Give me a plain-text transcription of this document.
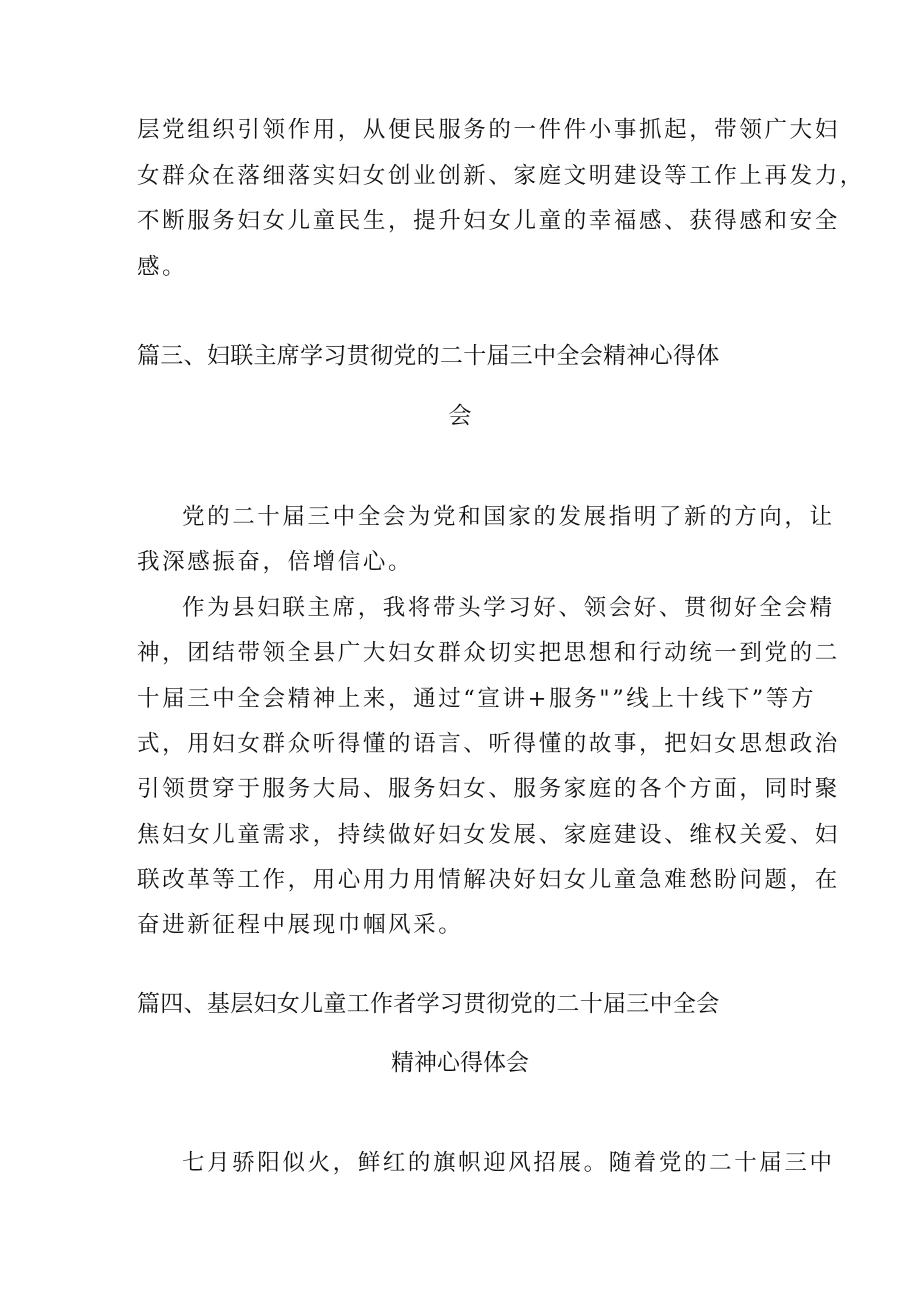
层党组织引领作用，从便民服务的一件件小事抓起，带领广大妇
女群众在落细落实妇女创业创新、家庭文明建设等工作上再发力，
不断服务妇女儿童民生，提升妇女儿童的幸福感、获得感和安全
感。
篇三、妇联主席学习贯彻党的二十届三中全会精神心得体
会
党的二十届三中全会为党和国家的发展指明了新的方向，让
我深感振奋，倍增信心。
作为县妇联主席，我将带头学习好、领会好、贯彻好全会精
神，团结带领全县广大妇女群众切实把思想和行动统一到党的二
十届三中全会精神上来，通过“宣讲+服务"”线上十线下”等方
式，用妇女群众听得懂的语言、听得懂的故事，把妇女思想政治
引领贯穿于服务大局、服务妇女、服务家庭的各个方面，同时聚
焦妇女儿童需求，持续做好妇女发展、家庭建设、维权关爱、妇
联改革等工作，用心用力用情解决好妇女儿童急难愁盼问题，在
奋进新征程中展现巾帼风采。
篇四、基层妇女儿童工作者学习贯彻党的二十届三中全会
精神心得体会
七月骄阳似火，鲜红的旗帜迎风招展。随着党的二十届三中
